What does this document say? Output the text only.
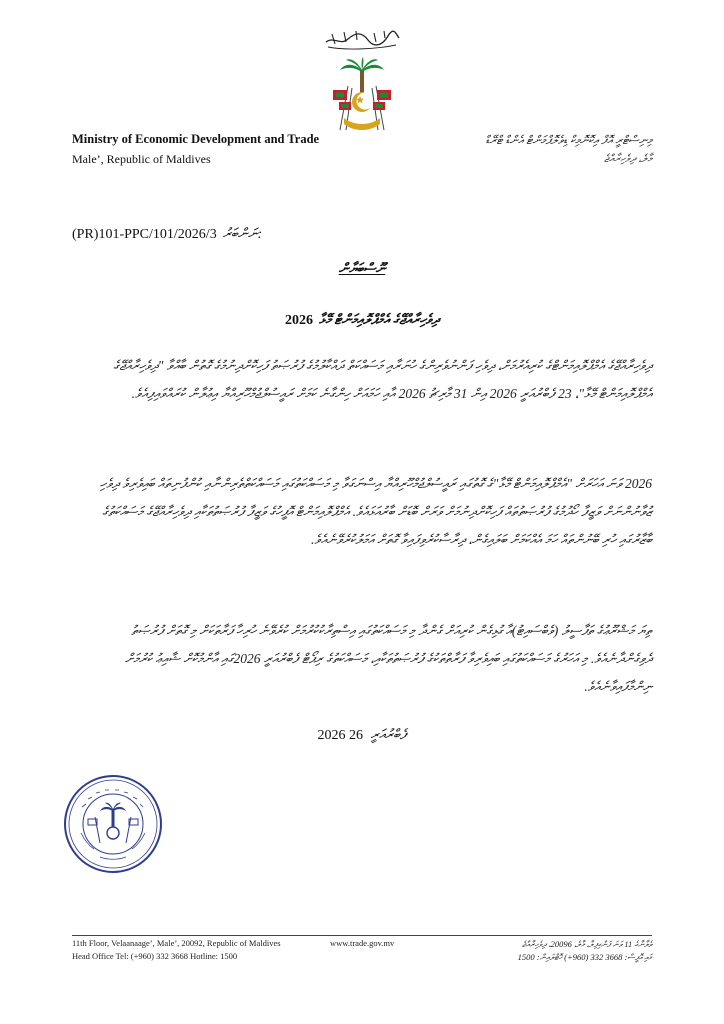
Ministry of Economic Development and Trade
Male’, Republic of Maldives
މިނިސްޓްރީ އޮފް އިކޮނޮމިކް ޑިވެލޮޕްމަންޓް އެންޑް ޓްރޭޑް
މާލެ، ދިވެހިރާއްޖެ
(PR)101-PPC/101/2026/3 ނަންބަރު:
ނޫސްބަޔާން
2026 ދިވެހިރާއްޖޭގެ އެމްޕްލޮއިމަންޓް މޭޅާ
ދިވެހިރާއްޖޭގެ އެމްޕްލޮއިމަންޓްގެ ކުރިއެރުމަށް، ދިވެހި ފަންނުވެރިންގެ ހުނަރާއި މަސައްކަތް ދައްކާލުމުގެ ފުރުޞަތު ފަހިކޮށްދިނުމުގެ ގޮތުން ބާއްވާ "ދިވެހިރާއްޖޭގެ އެމްޕްލޮއިމަންޓް މޭޅާ"، 23 ފެބްރުއަރީ 2026 އިން 31 މާރިޗު 2026 އާއި ހަމައަށް ހިންގާނެ ކަމަށް ރައީސުލްޖުމްހޫރިއްޔާ އިޢުލާން ކުރައްވައިފިއެވެ.
2026 ވަނަ އަހަރަށް "އެމްޕްލޮއިމަންޓް މޭޅާ"ގެ ގޮތުގައި ރައީސުލްޖުމްހޫރިއްޔާ އިސްނަގަވާ މި މަސައްކަތުގައި މަސައްކަތްތެރިންނާއި ކުންފުނިތައް ބައިވެރިވެ ދިވެހި ޒުވާނުންނަށް ވަޒީފާ ހޯދުމުގެ ފުރުޞަތުތައް ފަހިކޮށްދިނުމަށް ވަރަށް ބޮޑަށް ބާރުއަޅައެވެ. އެމްޕްލޮއިމަންޓް އޮފީހުގެ ވަޒީފާ ފުރުޞަތުތަކާއި ދިވެހިރާއްޖޭގެ މަސައްކަތުގެ ބާޒާރުގައި ހުރި ބޭނުންތައް ހަމަ އެއްކަމަށް ބަލައިގެން، ދިރާސާކުރެވިފައިވާ ގޮތަށް އަމަލުކުރެވޭނެއެވެ.
ތިޔަ މަޝްރޫޢުގެ ތަފާސީލު (ވެބްސައިޓު)އާ ގުޅިގެން ކުރިއަށް ގެންދާ މި މަސައްކަތުގައި އިސްތިރާކުކުރުމަށް ކުރެވޭނެ ހުރިހާ ފަރާތަކަށް މި ގޮތަށް ފުރުޞަތު ދެވިގެންދާނެއެވެ. މި އަހަރުގެ މަސައްކަތުގައި ބައިވެރިވާ ފަރާތްތަކުގެ ފުރުޞަތުތަކާއި، މަސައްކަތުގެ ރިޕޯޓް ފެބްރުއަރީ 2026ގައި އާންމުކޮށް ޝާއިޢު ކުރުމަށް ނިންމާފައިވާނެއެވެ.
2026 ފެބްރުއަރީ 26
11th Floor, Velaanaage’, Male’, 20092, Republic of Maldives
Head Office Tel: (+960) 332 3668 Hotline: 1500
www.trade.gov.mv	ވެލާނާގެ 11 ވަނަ ފަންގިފިލާ، މާލެ، 20096، ދިވެހިރާއްޖެ
މައި އޮފީސް: 3668 332 (960+) ހޮޓްލައިން: 1500
